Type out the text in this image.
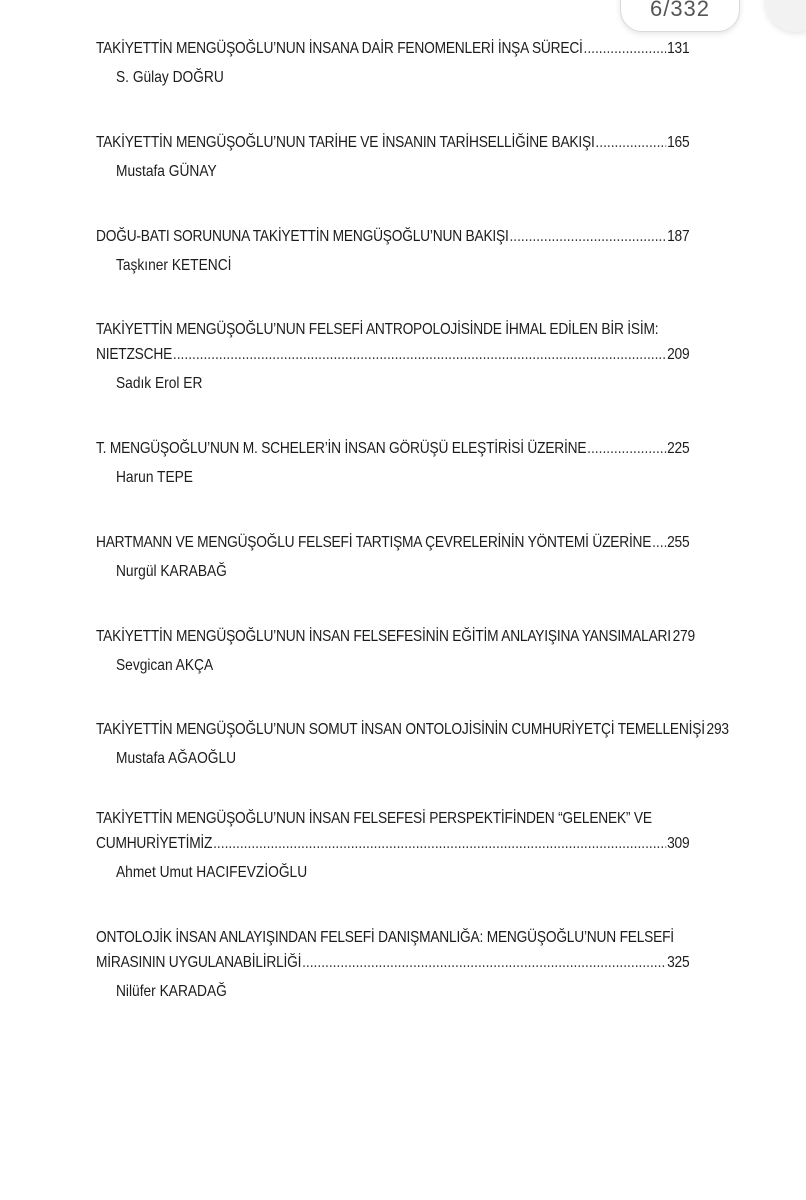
6/332
TAKİYETTİN MENGÜŞOĞLU’NUN İNSANA DAİR FENOMENLERİ İNŞA SÜRECİ .....	131
S. Gülay DOĞRU
TAKİYETTİN MENGÜŞOĞLU’NUN TARİHE VE İNSANIN TARİHSELLİĞİNE BAKIŞI .....	165
Mustafa GÜNAY
DOĞU-BATI SORUNUNA TAKİYETTİN MENGÜŞOĞLU’NUN BAKIŞI .....	187
Taşkıner KETENCİ
TAKİYETTİN MENGÜŞOĞLU’NUN FELSEFİ ANTROPOLOJİSİNDE İHMAL EDİLEN BİR İSİM:
NIETZSCHE .....	209
Sadık Erol ER
T. MENGÜŞOĞLU’NUN M. SCHELER’İN İNSAN GÖRÜŞÜ ELEŞTİRİSİ ÜZERİNE .....	225
Harun TEPE
HARTMANN VE MENGÜŞOĞLU FELSEFİ TARTIŞMA ÇEVRELERİNİN YÖNTEMİ ÜZERİNE ..... 255
Nurgül KARABAĞ
TAKİYETTİN MENGÜŞOĞLU’NUN İNSAN FELSEFESİNİN EĞİTİM ANLAYIŞINA YANSIMALARI 279
Sevgican AKÇA
TAKİYETTİN MENGÜŞOĞLU’NUN SOMUT İNSAN ONTOLOJİSİNİN CUMHURİYETÇİ TEMELLENİŞİ 293
Mustafa AĞAOĞLU
TAKİYETTİN MENGÜŞOĞLU’NUN İNSAN FELSEFESİ PERSPEKTİFİNDEN “GELENEK” VE
CUMHURİYETİMİZ .....	309
Ahmet Umut HACIFEVZİOĞLU
ONTOLOJİK İNSAN ANLAYIŞINDAN FELSEFİ DANIŞMANLIĞA: MENGÜŞOĞLU’NUN FELSEFİ
MİRASININ UYGULANABİLİRLİĞİ .....	325
Nilüfer KARADAĞ
